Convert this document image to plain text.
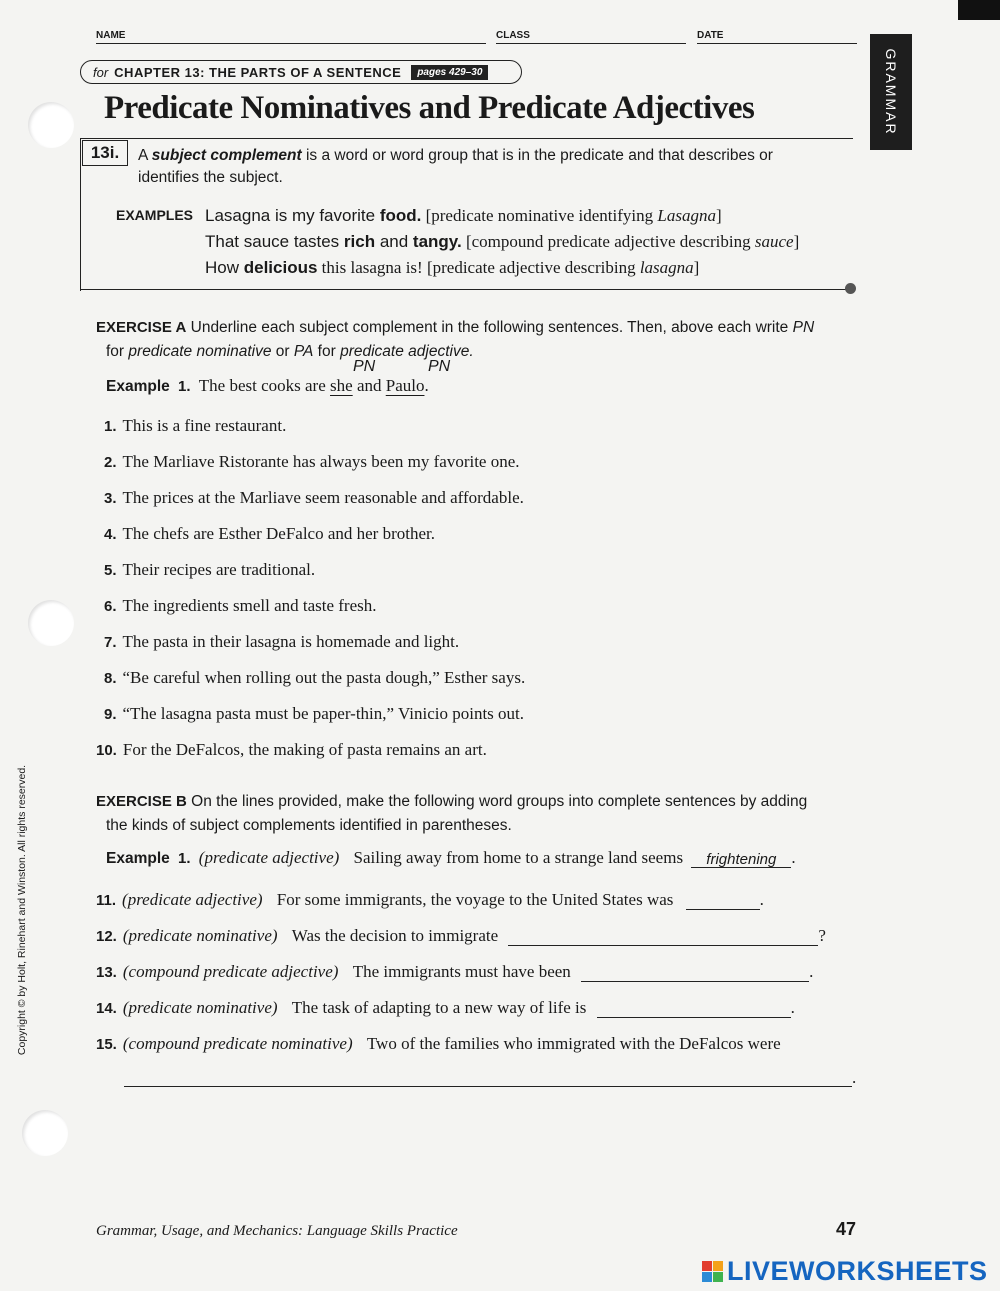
NAME	CLASS	DATE
for CHAPTER 13: THE PARTS OF A SENTENCE	pages 429–30	GRAMMAR
Predicate Nominatives and Predicate Adjectives
13i.	A subject complement is a word or word group that is in the predicate and that describes or
identifies the subject.
EXAMPLES Lasagna is my favorite food. [predicate nominative identifying Lasagna]
That sauce tastes rich and tangy. [compound predicate adjective describing sauce]
How delicious this lasagna is! [predicate adjective describing lasagna]
EXERCISE A Underline each subject complement in the following sentences. Then, above each write PN
for predicate nominative or PA for predicate adjective.
PN	PN
Example 1. The best cooks are she and Paulo.
1. This is a fine restaurant.
2. The Marliave Ristorante has always been my favorite one.
3. The prices at the Marliave seem reasonable and affordable.
4. The chefs are Esther DeFalco and her brother.
5. Their recipes are traditional.
6. The ingredients smell and taste fresh.
7. The pasta in their lasagna is homemade and light.
8. “Be careful when rolling out the pasta dough,” Esther says.
9. “The lasagna pasta must be paper-thin,” Vinicio points out.
10. For the DeFalcos, the making of pasta remains an art.
EXERCISE B On the lines provided, make the following word groups into complete sentences by adding
the kinds of subject complements identified in parentheses.
Example 1. (predicate adjective) Sailing away from home to a strange land seems frightening .
11. (predicate adjective) For some immigrants, the voyage to the United States was	.
12. (predicate nominative) Was the decision to immigrate	?
13. (compound predicate adjective) The immigrants must have been	.
14. (predicate nominative) The task of adapting to a new way of life is	.
15. (compound predicate nominative) Two of the families who immigrated with the DeFalcos were
.
Copyright © by Holt, Rinehart and Winston. All rights reserved.
Grammar, Usage, and Mechanics: Language Skills Practice	47
LIVEWORKSHEETS
